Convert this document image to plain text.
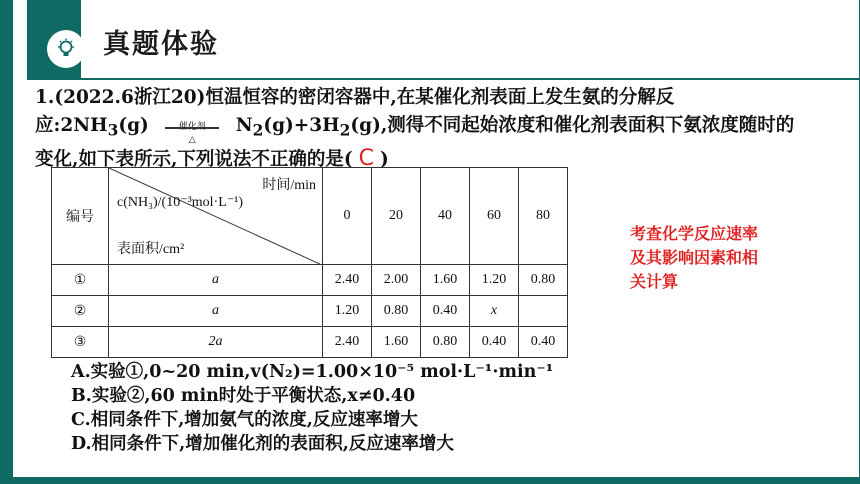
真题体验
1.(2022.6浙江20)恒温恒容的密闭容器中,在某催化剂表面上发生氨的分解反
应$:2NH_3(g)$
△
$N_2(g)+3H_2(g)$,测得不同起始浓度和催化剂表面积下氨浓度随时的
变化,如下表所示,下列说法不正确的是( C )
编号	时间/min
c(NH₃)/(10⁻³mol·L⁻¹)
表面积/cm²	0	20	40	60	80
①	a	2.40	2.00	1.60	1.20	0.80
②	a	1.20	0.80	0.40	x	
③	2a	2.40	1.60	0.80	0.40	0.40
考查化学反应速率
及其影响因素和相
关计算
A.实验①,0~20 min,v(N₂)=1.00×10⁻⁵ mol·L⁻¹·min⁻¹
B.实验②,60 min时处于平衡状态,x≠0.40
C.相同条件下,增加氨气的浓度,反应速率增大
D.相同条件下,增加催化剂的表面积,反应速率增大
